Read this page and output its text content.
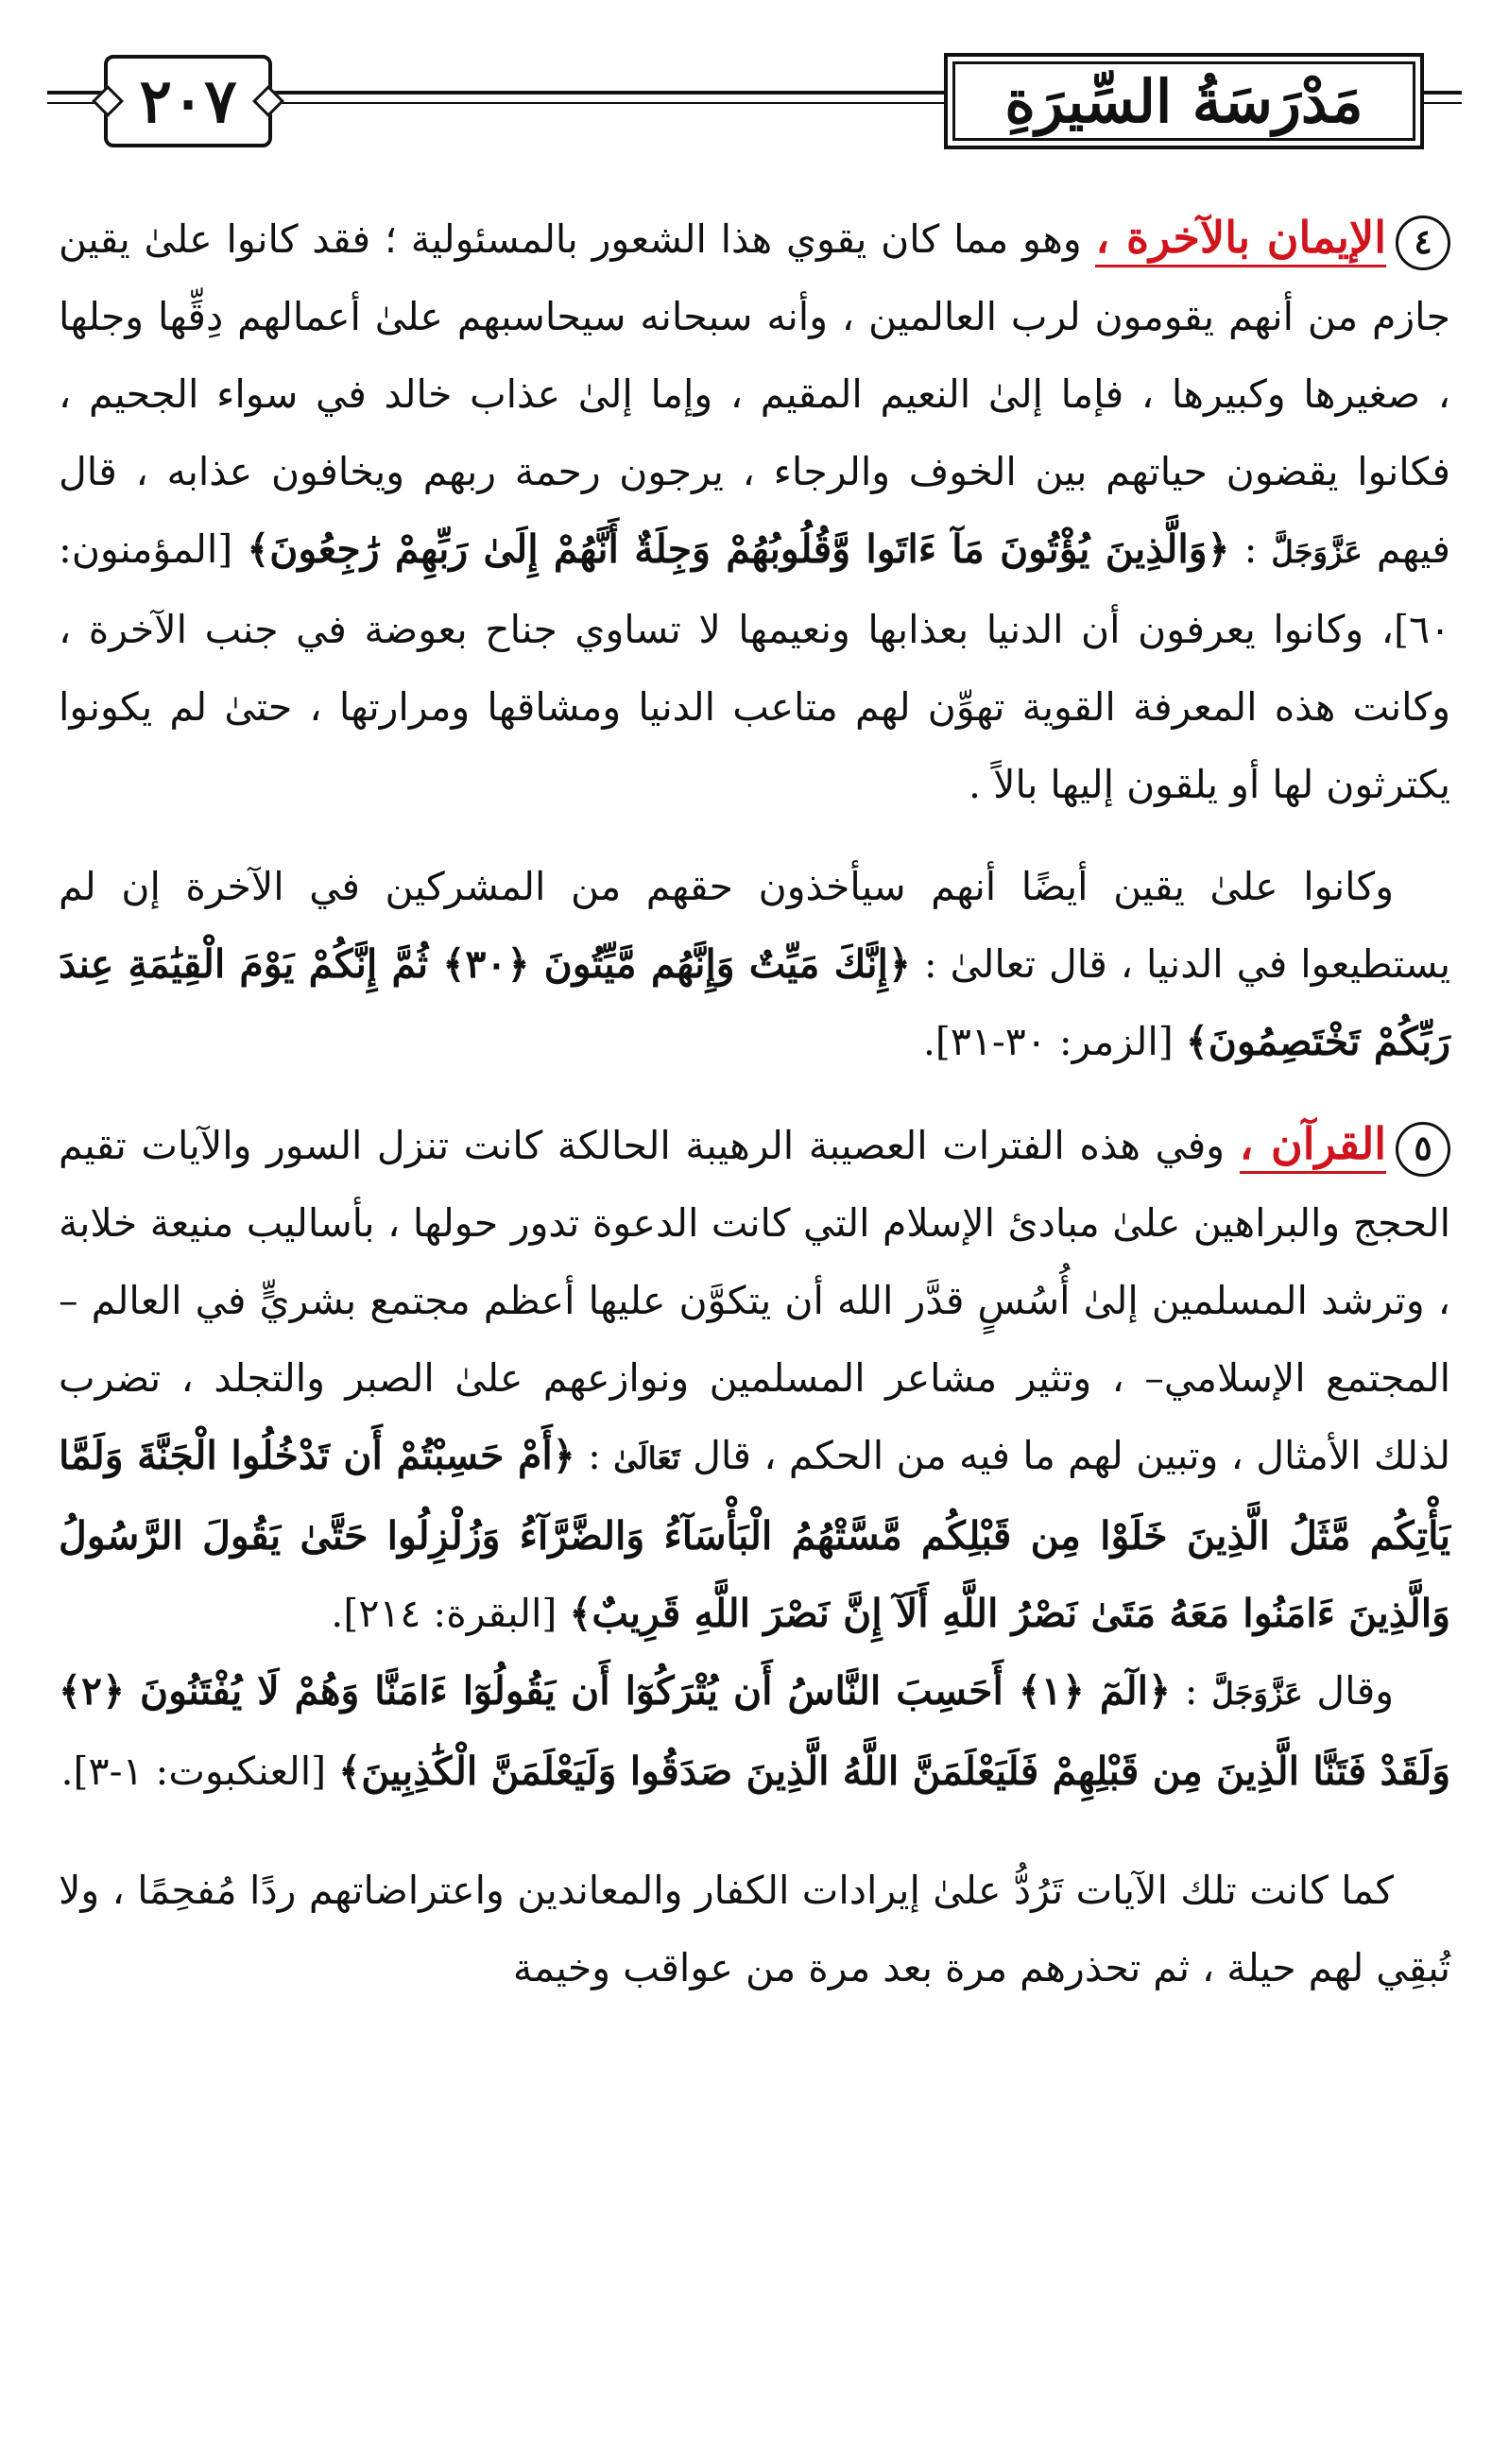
٢٠٧	مَدْرَسَةُ السِّيرَةِ

٤الإيمان بالآخرة ، وهو مما كان يقوي هذا الشعور بالمسئولية ؛ فقد كانوا علىٰ يقين جازم من أنهم يقومون لرب العالمين ، وأنه سبحانه سيحاسبهم علىٰ أعمالهم دِقِّها وجلها ، صغيرها وكبيرها ، فإما إلىٰ النعيم المقيم ، وإما إلىٰ عذاب خالد في سواء الجحيم ، فكانوا يقضون حياتهم بين الخوف والرجاء ، يرجون رحمة ربهم ويخافون عذابه ، قال فيهم عَزَّوَجَلَّ : ﴿وَالَّذِينَ يُؤْتُونَ مَآ ءَاتَوا وَّقُلُوبُهُمْ وَجِلَةٌ أَنَّهُمْ إِلَىٰ رَبِّهِمْ رَٰجِعُونَ﴾ [المؤمنون: ٦٠]، وكانوا يعرفون أن الدنيا بعذابها ونعيمها لا تساوي جناح بعوضة في جنب الآخرة ، وكانت هذه المعرفة القوية تهوِّن لهم متاعب الدنيا ومشاقها ومرارتها ، حتىٰ لم يكونوا يكترثون لها أو يلقون إليها بالاً .

وكانوا علىٰ يقين أيضًا أنهم سيأخذون حقهم من المشركين في الآخرة إن لم يستطيعوا في الدنيا ، قال تعالىٰ : ﴿إِنَّكَ مَيِّتٌ وَإِنَّهُم مَّيِّتُونَ ﴿٣٠﴾ ثُمَّ إِنَّكُمْ يَوْمَ الْقِيَٰمَةِ عِندَ رَبِّكُمْ تَخْتَصِمُونَ﴾ [الزمر: ٣٠-٣١].

٥القرآن ، وفي هذه الفترات العصيبة الرهيبة الحالكة كانت تنزل السور والآيات تقيم الحجج والبراهين علىٰ مبادئ الإسلام التي كانت الدعوة تدور حولها ، بأساليب منيعة خلابة ، وترشد المسلمين إلىٰ أُسُسٍ قدَّر الله أن يتكوَّن عليها أعظم مجتمع بشريٍّ في العالم –المجتمع الإسلامي– ، وتثير مشاعر المسلمين ونوازعهم علىٰ الصبر والتجلد ، تضرب لذلك الأمثال ، وتبين لهم ما فيه من الحكم ، قال تَعَالَىٰ : ﴿أَمْ حَسِبْتُمْ أَن تَدْخُلُوا الْجَنَّةَ وَلَمَّا يَأْتِكُم مَّثَلُ الَّذِينَ خَلَوْا مِن قَبْلِكُم مَّسَّتْهُمُ الْبَأْسَآءُ وَالضَّرَّآءُ وَزُلْزِلُوا حَتَّىٰ يَقُولَ الرَّسُولُ وَالَّذِينَ ءَامَنُوا مَعَهُ مَتَىٰ نَصْرُ اللَّهِ أَلَآ إِنَّ نَصْرَ اللَّهِ قَرِيبٌ﴾ [البقرة: ٢١٤].

وقال عَزَّوَجَلَّ : ﴿الٓمٓ ﴿١﴾ أَحَسِبَ النَّاسُ أَن يُتْرَكُوٓا أَن يَقُولُوٓا ءَامَنَّا وَهُمْ لَا يُفْتَنُونَ ﴿٢﴾ وَلَقَدْ فَتَنَّا الَّذِينَ مِن قَبْلِهِمْ فَلَيَعْلَمَنَّ اللَّهُ الَّذِينَ صَدَقُوا وَلَيَعْلَمَنَّ الْكَٰذِبِينَ﴾ [العنكبوت: ١-٣].

كما كانت تلك الآيات تَرُدُّ علىٰ إيرادات الكفار والمعاندين واعتراضاتهم ردًا مُفحِمًا ، ولا تُبقِي لهم حيلة ، ثم تحذرهم مرة بعد مرة من عواقب وخيمة
